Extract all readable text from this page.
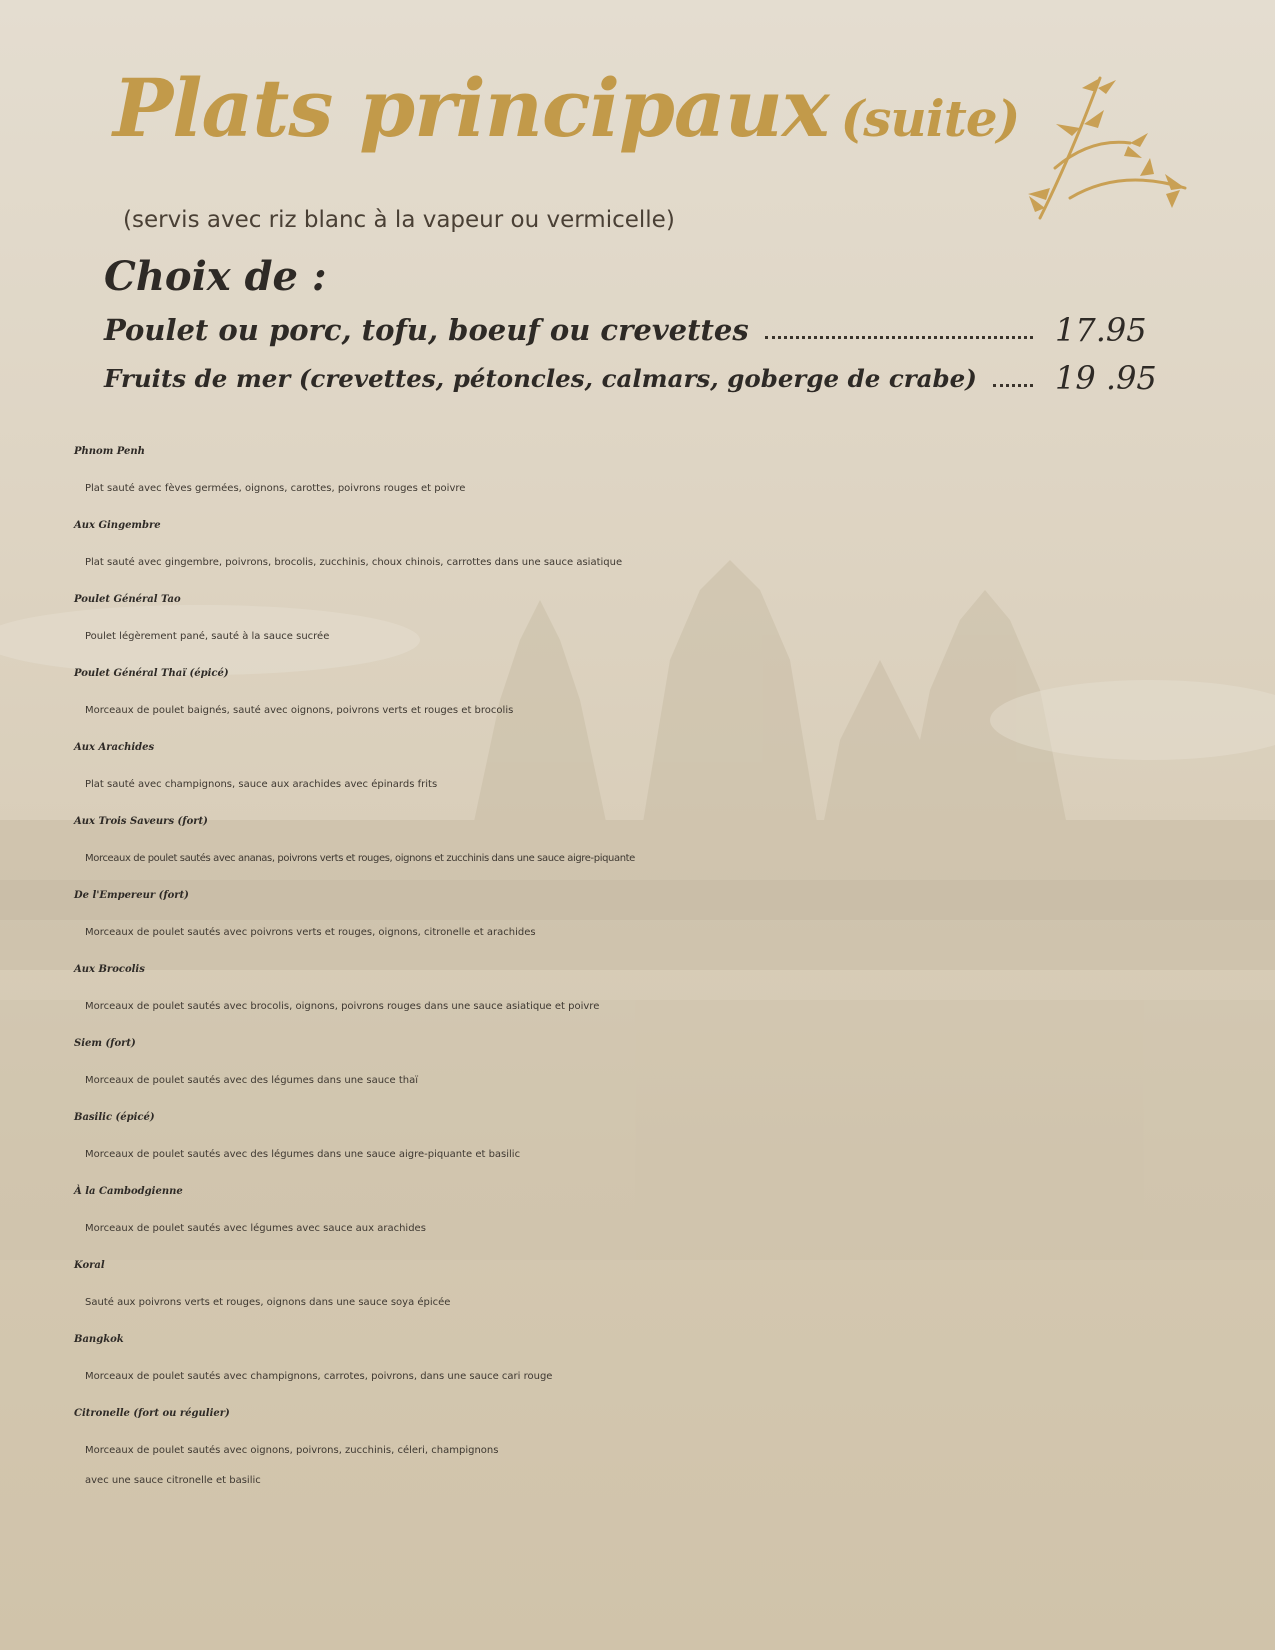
Plats principaux (suite)
(servis avec riz blanc à la vapeur ou vermicelle)
Choix de :
Poulet ou porc, tofu, boeuf ou crevettes	17.95
Fruits de mer (crevettes, pétoncles, calmars, goberge de crabe) 19 .95
Phnom Penh
Plat sauté avec fèves germées, oignons, carottes, poivrons rouges et poivre
Aux Gingembre
Plat sauté avec gingembre, poivrons, brocolis, zucchinis, choux chinois, carrottes dans une sauce asiatique
Poulet Général Tao
Poulet légèrement pané, sauté à la sauce sucrée
Poulet Général Thaï (épicé)
Morceaux de poulet baignés, sauté avec oignons, poivrons verts et rouges et brocolis
Aux Arachides
Plat sauté avec champignons, sauce aux arachides avec épinards frits
Aux Trois Saveurs (fort)
Morceaux de poulet sautés avec ananas, poivrons verts et rouges, oignons et zucchinis dans une sauce aigre-piquante
De l'Empereur (fort)
Morceaux de poulet sautés avec poivrons verts et rouges, oignons, citronelle et arachides
Aux Brocolis
Morceaux de poulet sautés avec brocolis, oignons, poivrons rouges dans une sauce asiatique et poivre
Siem (fort)
Morceaux de poulet sautés avec des légumes dans une sauce thaï
Basilic (épicé)
Morceaux de poulet sautés avec des légumes dans une sauce aigre-piquante et basilic
À la Cambodgienne
Morceaux de poulet sautés avec légumes avec sauce aux arachides
Koral
Sauté aux poivrons verts et rouges, oignons dans une sauce soya épicée
Bangkok
Morceaux de poulet sautés avec champignons, carrotes, poivrons, dans une sauce cari rouge
Citronelle (fort ou régulier)
Morceaux de poulet sautés avec oignons, poivrons, zucchinis, céleri, champignons
avec une sauce citronelle et basilic
